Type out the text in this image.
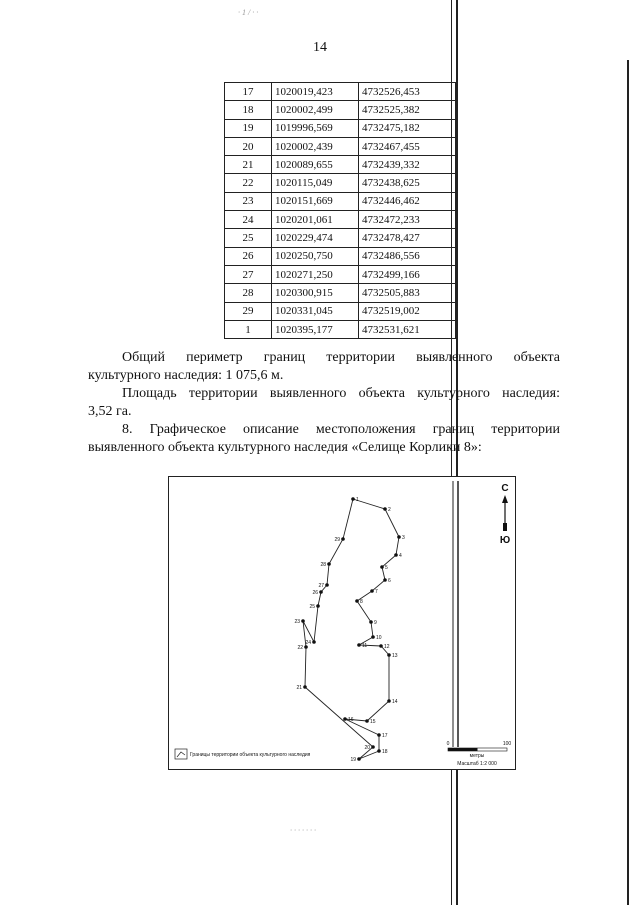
· 1 / · ·
· · · · · · ·
14
17	1020019,423	4732526,453
18	1020002,499	4732525,382
19	1019996,569	4732475,182
20	1020002,439	4732467,455
21	1020089,655	4732439,332
22	1020115,049	4732438,625
23	1020151,669	4732446,462
24	1020201,061	4732472,233
25	1020229,474	4732478,427
26	1020250,750	4732486,556
27	1020271,250	4732499,166
28	1020300,915	4732505,883
29	1020331,045	4732519,002
1	1020395,177	4732531,621
Общий периметр границ территории выявленного объекта
культурного наследия: 1 075,6 м.
Площадь территории выявленного объекта культурного наследия:
3,52 га.
8. Графическое описание местоположения границ территории
выявленного объекта культурного наследия «Селище Корлики 8»:
1
2
3
4
5
6
7
8
9
10
11	12
13
14
15
16
17
18
19
20
21
22
23
24
25
26
27
28
29
С
Ю
Границы территории объекта культурного наследия
0	100
метры
Масштаб 1:2 000
